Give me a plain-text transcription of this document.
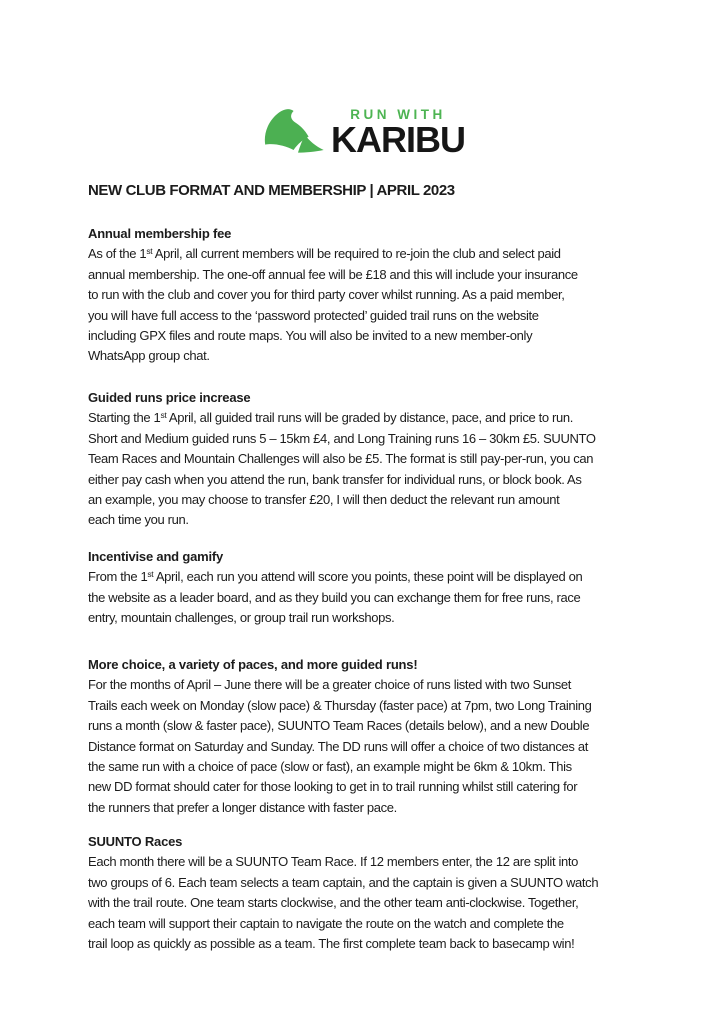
RUN WITH
KARIBU
NEW CLUB FORMAT AND MEMBERSHIP | APRIL 2023
Annual membership fee

As of the 1st April, all current members will be required to re-join the club and select paid
annual membership. The one-off annual fee will be £18 and this will include your insurance
to run with the club and cover you for third party cover whilst running. As a paid member,
you will have full access to the ‘password protected’ guided trail runs on the website
including GPX files and route maps. You will also be invited to a new member-only
WhatsApp group chat.

Guided runs price increase

Starting the 1st April, all guided trail runs will be graded by distance, pace, and price to run.
Short and Medium guided runs 5 – 15km £4, and Long Training runs 16 – 30km £5. SUUNTO
Team Races and Mountain Challenges will also be £5. The format is still pay-per-run, you can
either pay cash when you attend the run, bank transfer for individual runs, or block book. As
an example, you may choose to transfer £20, I will then deduct the relevant run amount
each time you run.

Incentivise and gamify

From the 1st April, each run you attend will score you points, these point will be displayed on
the website as a leader board, and as they build you can exchange them for free runs, race
entry, mountain challenges, or group trail run workshops.

More choice, a variety of paces, and more guided runs!

For the months of April – June there will be a greater choice of runs listed with two Sunset
Trails each week on Monday (slow pace) & Thursday (faster pace) at 7pm, two Long Training
runs a month (slow & faster pace), SUUNTO Team Races (details below), and a new Double
Distance format on Saturday and Sunday. The DD runs will offer a choice of two distances at
the same run with a choice of pace (slow or fast), an example might be 6km & 10km. This
new DD format should cater for those looking to get in to trail running whilst still catering for
the runners that prefer a longer distance with faster pace.

SUUNTO Races

Each month there will be a SUUNTO Team Race. If 12 members enter, the 12 are split into
two groups of 6. Each team selects a team captain, and the captain is given a SUUNTO watch
with the trail route. One team starts clockwise, and the other team anti-clockwise. Together,
each team will support their captain to navigate the route on the watch and complete the
trail loop as quickly as possible as a team. The first complete team back to basecamp win!
